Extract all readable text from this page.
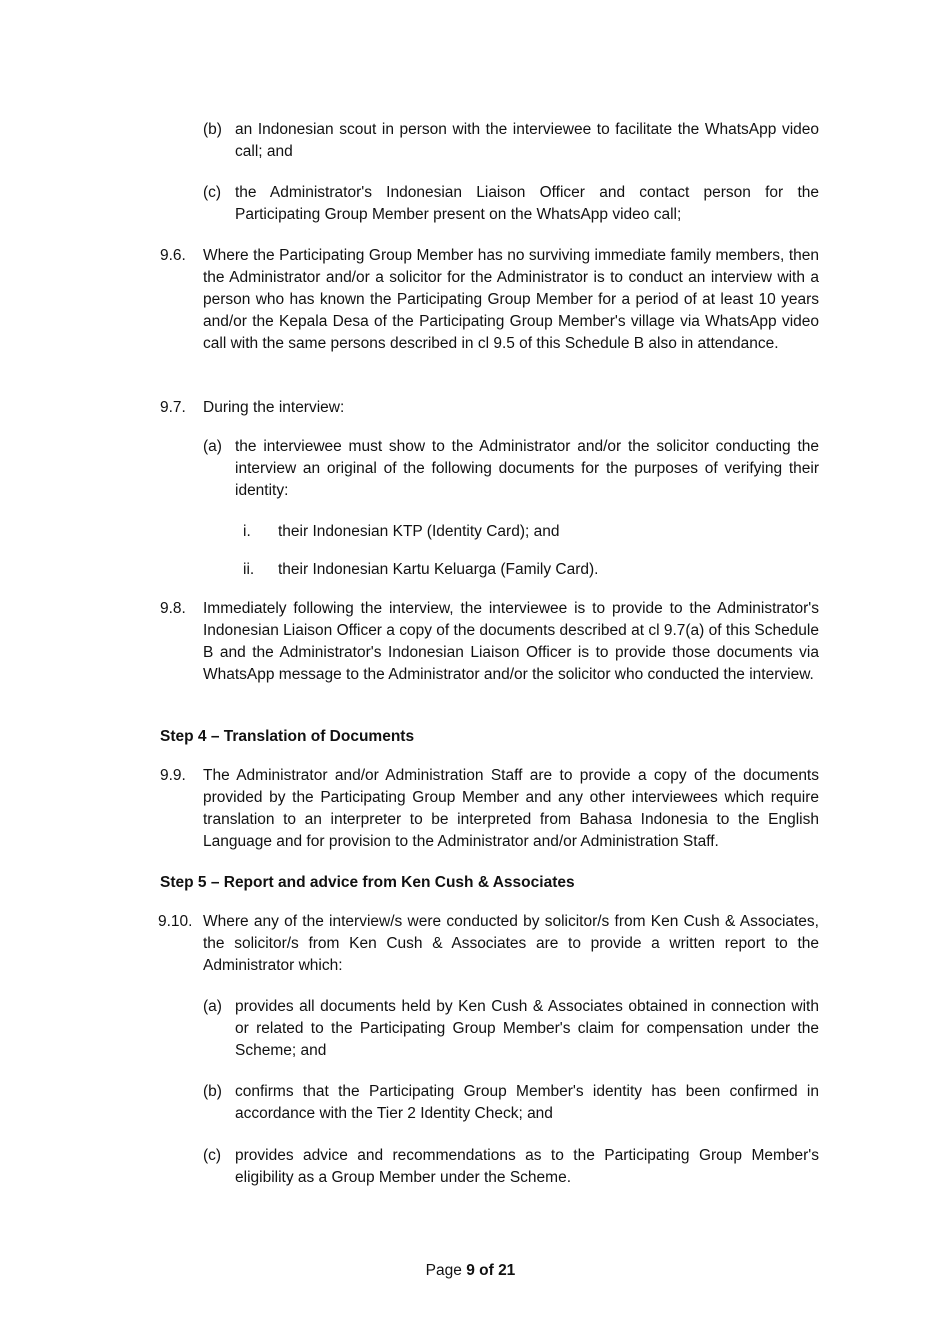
(b) an Indonesian scout in person with the interviewee to facilitate the WhatsApp video call; and
(c) the Administrator's Indonesian Liaison Officer and contact person for the Participating Group Member present on the WhatsApp video call;
9.6. Where the Participating Group Member has no surviving immediate family members, then the Administrator and/or a solicitor for the Administrator is to conduct an interview with a person who has known the Participating Group Member for a period of at least 10 years and/or the Kepala Desa of the Participating Group Member's village via WhatsApp video call with the same persons described in cl 9.5 of this Schedule B also in attendance.
9.7. During the interview:
(a) the interviewee must show to the Administrator and/or the solicitor conducting the interview an original of the following documents for the purposes of verifying their identity:
i. their Indonesian KTP (Identity Card); and
ii. their Indonesian Kartu Keluarga (Family Card).
9.8. Immediately following the interview, the interviewee is to provide to the Administrator's Indonesian Liaison Officer a copy of the documents described at cl 9.7(a) of this Schedule B and the Administrator's Indonesian Liaison Officer is to provide those documents via WhatsApp message to the Administrator and/or the solicitor who conducted the interview.
Step 4 – Translation of Documents
9.9. The Administrator and/or Administration Staff are to provide a copy of the documents provided by the Participating Group Member and any other interviewees which require translation to an interpreter to be interpreted from Bahasa Indonesia to the English Language and for provision to the Administrator and/or Administration Staff.
Step 5 – Report and advice from Ken Cush & Associates
9.10. Where any of the interview/s were conducted by solicitor/s from Ken Cush & Associates, the solicitor/s from Ken Cush & Associates are to provide a written report to the Administrator which:
(a) provides all documents held by Ken Cush & Associates obtained in connection with or related to the Participating Group Member's claim for compensation under the Scheme; and
(b) confirms that the Participating Group Member's identity has been confirmed in accordance with the Tier 2 Identity Check; and
(c) provides advice and recommendations as to the Participating Group Member's eligibility as a Group Member under the Scheme.
Page 9 of 21
